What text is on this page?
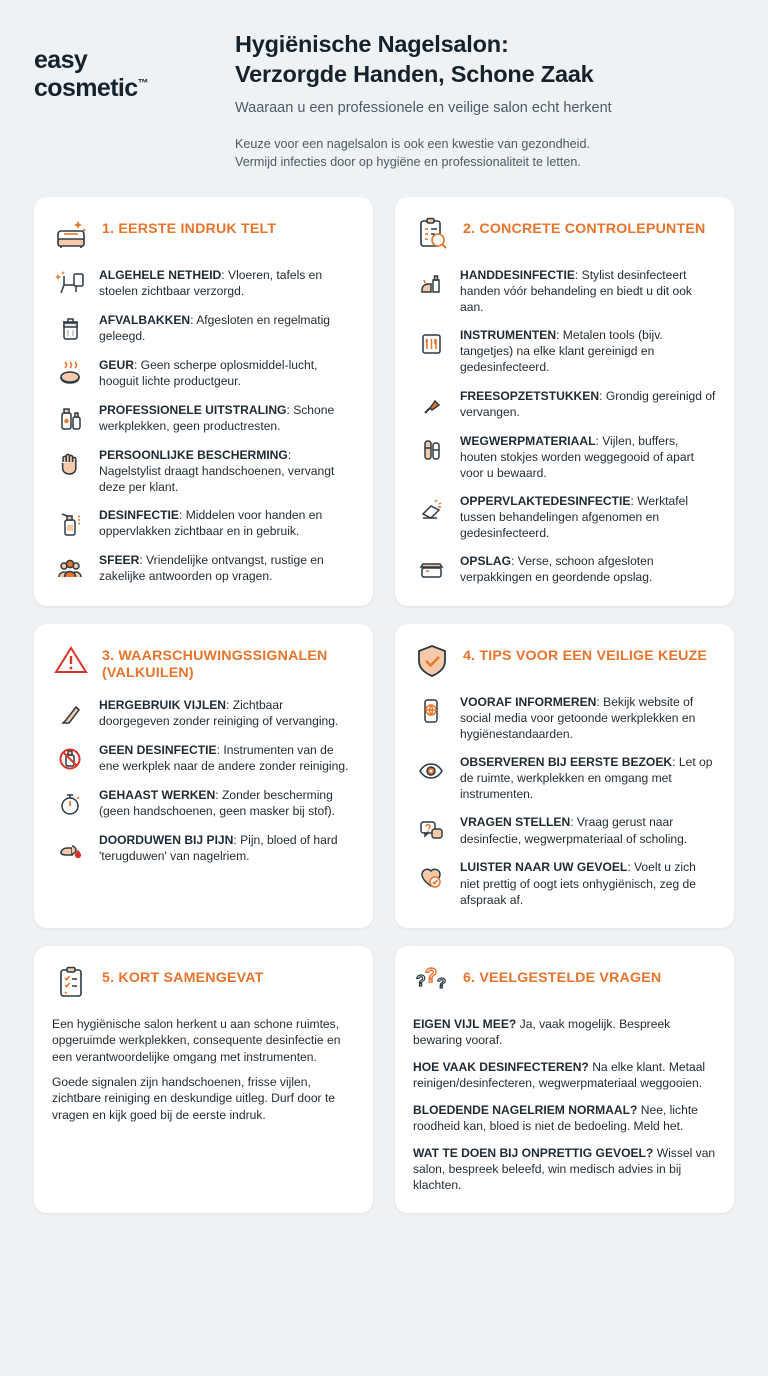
easy
cosmetic™
Hygiënische Nagelsalon:
Verzorgde Handen, Schone Zaak
Waaraan u een professionele en veilige salon echt herkent
Keuze voor een nagelsalon is ook een kwestie van gezondheid.
Vermijd infecties door op hygiëne en professionaliteit te letten.
1. EERSTE INDRUK TELT
ALGEHELE NETHEID: Vloeren, tafels en stoelen zichtbaar verzorgd.
AFVALBAKKEN: Afgesloten en regelmatig geleegd.
GEUR: Geen scherpe oplosmiddel-lucht, hooguit lichte productgeur.
PROFESSIONELE UITSTRALING: Schone werkplekken, geen productresten.
PERSOONLIJKE BESCHERMING: Nagelstylist draagt handschoenen, vervangt deze per klant.
DESINFECTIE: Middelen voor handen en oppervlakken zichtbaar en in gebruik.
SFEER: Vriendelijke ontvangst, rustige en zakelijke antwoorden op vragen.
2. CONCRETE CONTROLEPUNTEN
HANDDESINFECTIE: Stylist desinfecteert handen vóór behandeling en biedt u dit ook aan.
INSTRUMENTEN: Metalen tools (bijv. tangetjes) na elke klant gereinigd en gedesinfecteerd.
FREESOPZETSTUKKEN: Grondig gereinigd of vervangen.
WEGWERPMATERIAAL: Vijlen, buffers, houten stokjes worden weggegooid of apart voor u bewaard.
OPPERVLAKTEDESINFECTIE: Werktafel tussen behandelingen afgenomen en gedesinfecteerd.
OPSLAG: Verse, schoon afgesloten verpakkingen en geordende opslag.
3. WAARSCHUWINGSSIGNALEN (VALKUILEN)
HERGEBRUIK VIJLEN: Zichtbaar doorgegeven zonder reiniging of vervanging.
GEEN DESINFECTIE: Instrumenten van de ene werkplek naar de andere zonder reiniging.
GEHAAST WERKEN: Zonder bescherming (geen handschoenen, geen masker bij stof).
DOORDUWEN BIJ PIJN: Pijn, bloed of hard 'terugduwen' van nagelriem.
4. TIPS VOOR EEN VEILIGE KEUZE
VOORAF INFORMEREN: Bekijk website of social media voor getoonde werkplekken en hygiënestandaarden.
OBSERVEREN BIJ EERSTE BEZOEK: Let op de ruimte, werkplekken en omgang met instrumenten.
VRAGEN STELLEN: Vraag gerust naar desinfectie, wegwerpmateriaal of scholing.
LUISTER NAAR UW GEVOEL: Voelt u zich niet prettig of oogt iets onhygiënisch, zeg de afspraak af.
5. KORT SAMENGEVAT

Een hygiënische salon herkent u aan schone ruimtes, opgeruimde werkplekken, consequente desinfectie en een verantwoordelijke omgang met instrumenten.

Goede signalen zijn handschoenen, frisse vijlen, zichtbare reiniging en deskundige uitleg. Durf door te vragen en kijk goed bij de eerste indruk.

? ? ? 6. VEELGESTELDE VRAGEN
EIGEN VIJL MEE? Ja, vaak mogelijk. Bespreek bewaring vooraf.
HOE VAAK DESINFECTEREN? Na elke klant. Metaal reinigen/desinfecteren, wegwerpmateriaal weggooien.
BLOEDENDE NAGELRIEM NORMAAL? Nee, lichte roodheid kan, bloed is niet de bedoeling. Meld het.
WAT TE DOEN BIJ ONPRETTIG GEVOEL? Wissel van salon, bespreek beleefd, win medisch advies in bij klachten.
